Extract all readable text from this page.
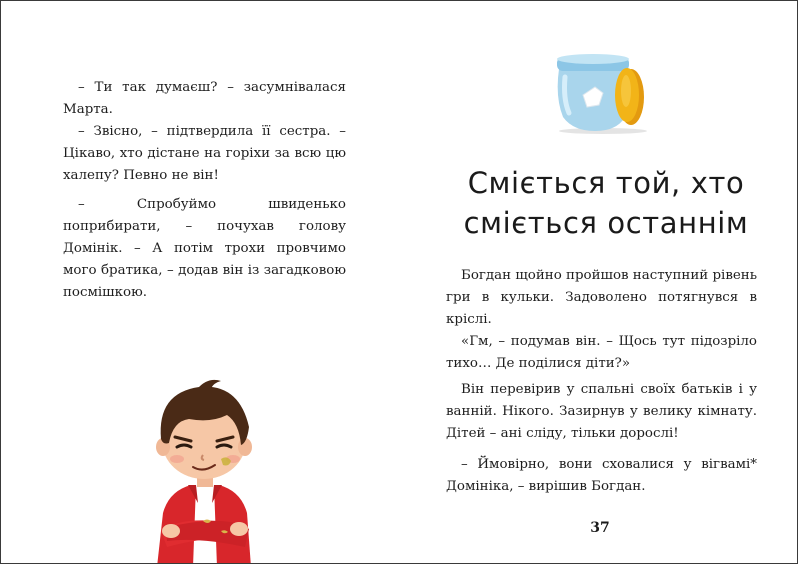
– Ти так думаєш? – засумнівалася Марта.

– Звісно, – підтвердила її сестра. – Цікаво, хто дістане на горіхи за всю цю халепу? Певно не він!

– Спробуймо швиденько поприбирати, – почухав голову Домінік. – А потім трохи провчимо мого братика, – додав він із загадковою посмішкою.

Сміється той, хто сміється останнім

Богдан щойно пройшов наступний рівень гри в кульки. Задоволено потягнувся в кріслі.

«Гм, – подумав він. – Щось тут підозріло тихо… Де поділися діти?»

Він перевірив у спальні своїх батьків і у ванній. Нікого. Зазирнув у велику кімнату. Дітей – ані сліду, тільки дорослі!

– Ймовірно, вони сховалися у вігвамі* Домініка, – вирішив Богдан.

37
